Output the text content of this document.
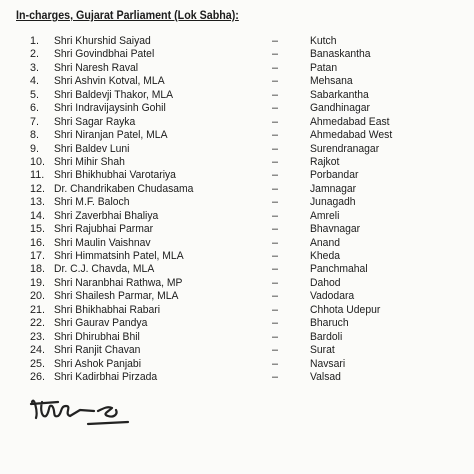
In-charges, Gujarat Parliament (Lok Sabha):
1.	Shri Khurshid Saiyad	–	Kutch
2.	Shri Govindbhai Patel	–	Banaskantha
3.	Shri Naresh Raval	–	Patan
4.	Shri Ashvin Kotval, MLA	–	Mehsana
5.	Shri Baldevji Thakor, MLA	–	Sabarkantha
6.	Shri Indravijaysinh Gohil	–	Gandhinagar
7.	Shri Sagar Rayka	–	Ahmedabad East
8.	Shri Niranjan Patel, MLA	–	Ahmedabad West
9.	Shri Baldev Luni	–	Surendranagar
10. Shri Mihir Shah	–	Rajkot
11. Shri Bhikhubhai Varotariya	–	Porbandar
12. Dr. Chandrikaben Chudasama	–	Jamnagar
13. Shri M.F. Baloch	–	Junagadh
14. Shri Zaverbhai Bhaliya	–	Amreli
15. Shri Rajubhai Parmar	–	Bhavnagar
16. Shri Maulin Vaishnav	–	Anand
17. Shri Himmatsinh Patel, MLA	–	Kheda
18. Dr. C.J. Chavda, MLA	–	Panchmahal
19. Shri Naranbhai Rathwa, MP	–	Dahod
20. Shri Shailesh Parmar, MLA	–	Vadodara
21. Shri Bhikhabhai Rabari	–	Chhota Udepur
22. Shri Gaurav Pandya	–	Bharuch
23. Shri Dhirubhai Bhil	–	Bardoli
24. Shri Ranjit Chavan	–	Surat
25. Shri Ashok Panjabi	–	Navsari
26. Shri Kadirbhai Pirzada	–	Valsad
